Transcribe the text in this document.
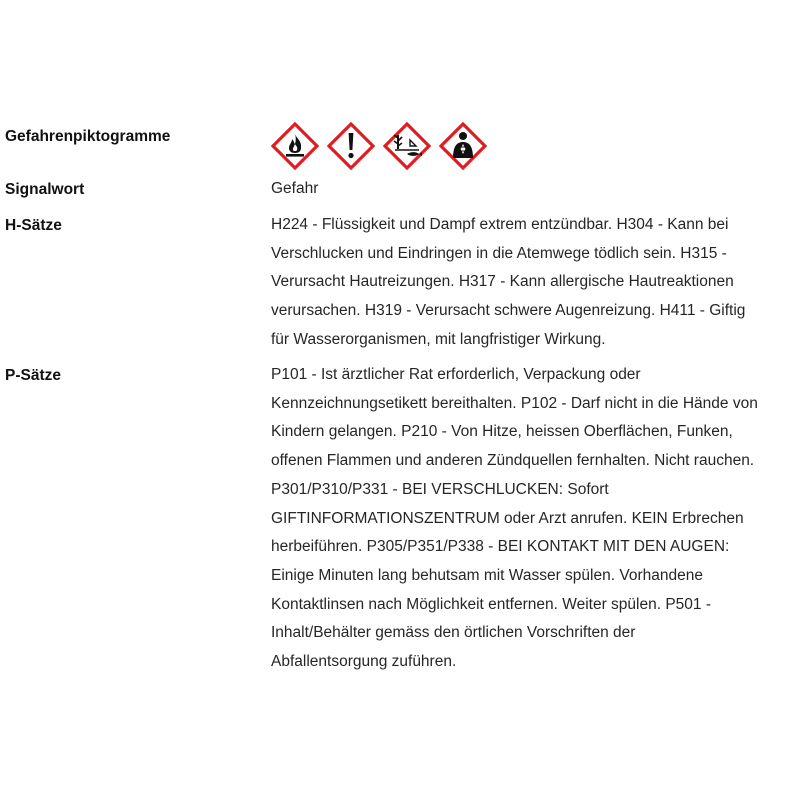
Gefahrenpiktogramme
Signalwort	Gefahr
H-Sätze	H224 - Flüssigkeit und Dampf extrem entzündbar. H304 - Kann bei
Verschlucken und Eindringen in die Atemwege tödlich sein. H315 -
Verursacht Hautreizungen. H317 - Kann allergische Hautreaktionen
verursachen. H319 - Verursacht schwere Augenreizung. H411 - Giftig
für Wasserorganismen, mit langfristiger Wirkung.
P-Sätze	P101 - Ist ärztlicher Rat erforderlich, Verpackung oder
Kennzeichnungsetikett bereithalten. P102 - Darf nicht in die Hände von
Kindern gelangen. P210 - Von Hitze, heissen Oberflächen, Funken,
offenen Flammen und anderen Zündquellen fernhalten. Nicht rauchen.
P301/P310/P331 - BEI VERSCHLUCKEN: Sofort
GIFTINFORMATIONSZENTRUM oder Arzt anrufen. KEIN Erbrechen
herbeiführen. P305/P351/P338 - BEI KONTAKT MIT DEN AUGEN:
Einige Minuten lang behutsam mit Wasser spülen. Vorhandene
Kontaktlinsen nach Möglichkeit entfernen. Weiter spülen. P501 -
Inhalt/Behälter gemäss den örtlichen Vorschriften der
Abfallentsorgung zuführen.
